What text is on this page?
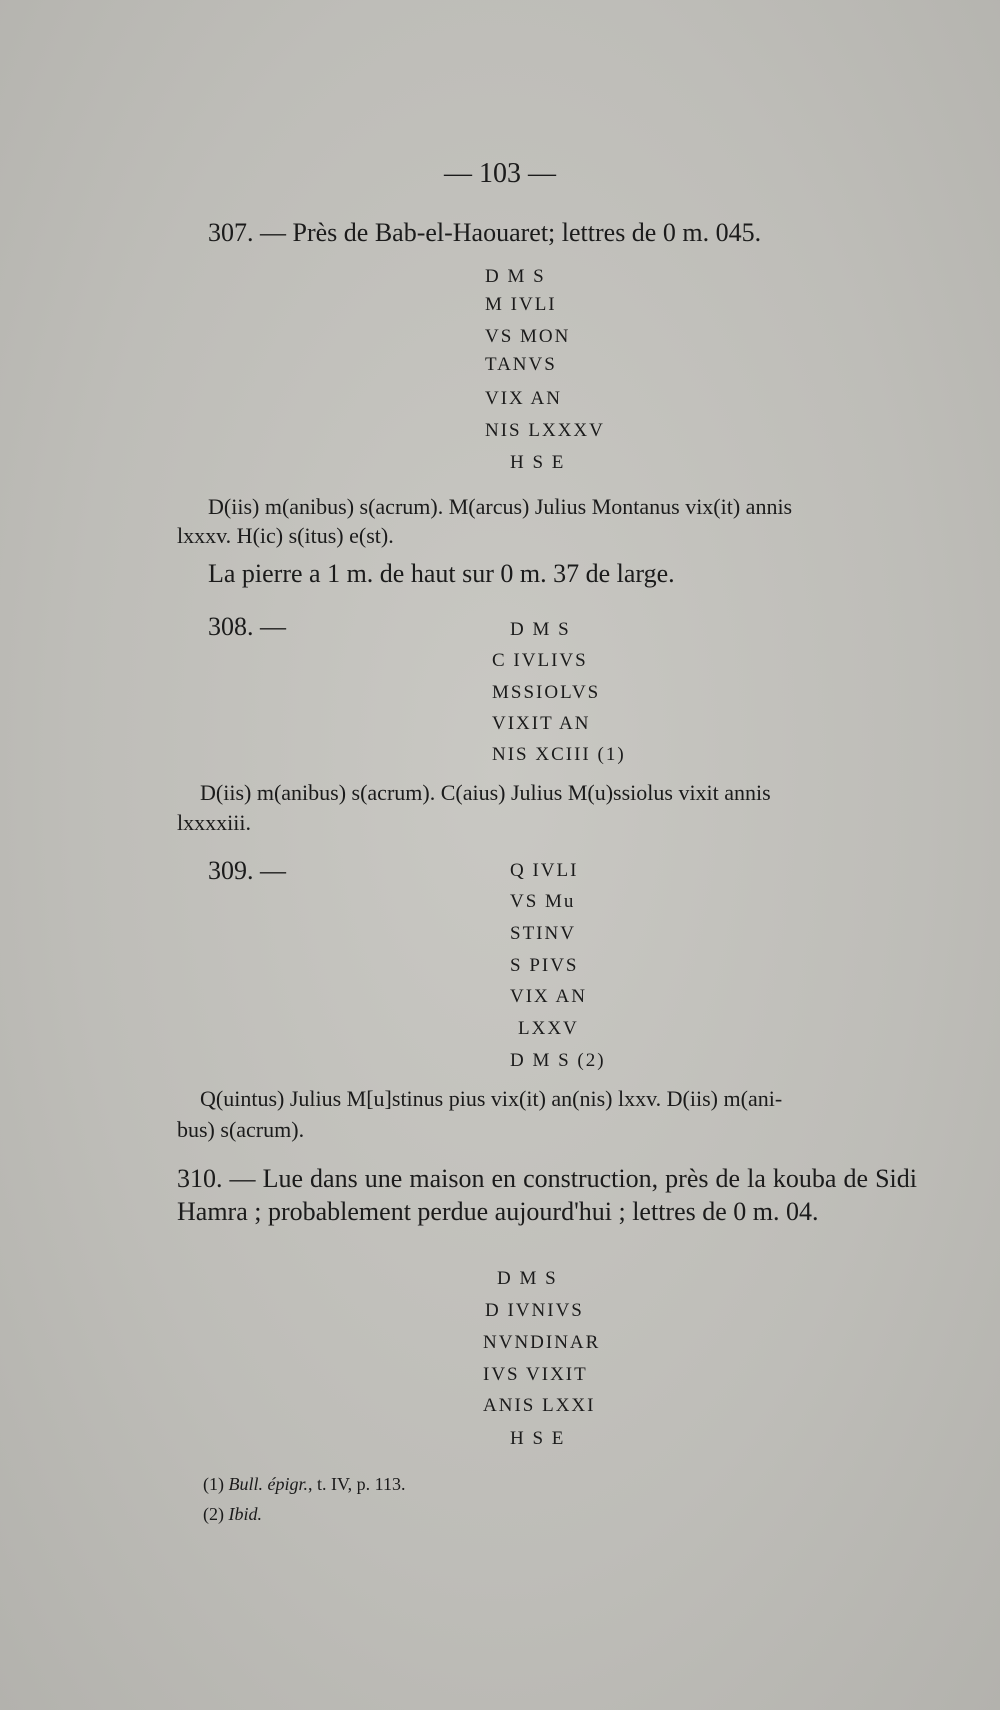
— 103 —
307. — Près de Bab-el-Haouaret; lettres de 0 m. 045.
D M S
M IVLI
VS MON
TANVS
VIX AN
NIS LXXXV
H S E
D(iis) m(anibus) s(acrum). M(arcus) Julius Montanus vix(it) annis
lxxxv. H(ic) s(itus) e(st).
La pierre a 1 m. de haut sur 0 m. 37 de large.
308. —	D M S
C IVLIVS
MSSIOLVS
VIXIT AN
NIS XCIII (1)
D(iis) m(anibus) s(acrum). C(aius) Julius M(u)ssiolus vixit annis
lxxxxiii.
309. —	Q IVLI
VS Mu
STINV
S PIVS
VIX AN
LXXV
D M S (2)
Q(uintus) Julius M[u]stinus pius vix(it) an(nis) lxxv. D(iis) m(ani-
bus) s(acrum).
310. — Lue dans une maison en construction, près de la kouba de Sidi Hamra ; probablement perdue aujourd'hui ; lettres de 0 m. 04.
D M S
D IVNIVS
NVNDINAR
IVS VIXIT
ANIS LXXI
H S E
(1) Bull. épigr., t. IV, p. 113.
(2) Ibid.
